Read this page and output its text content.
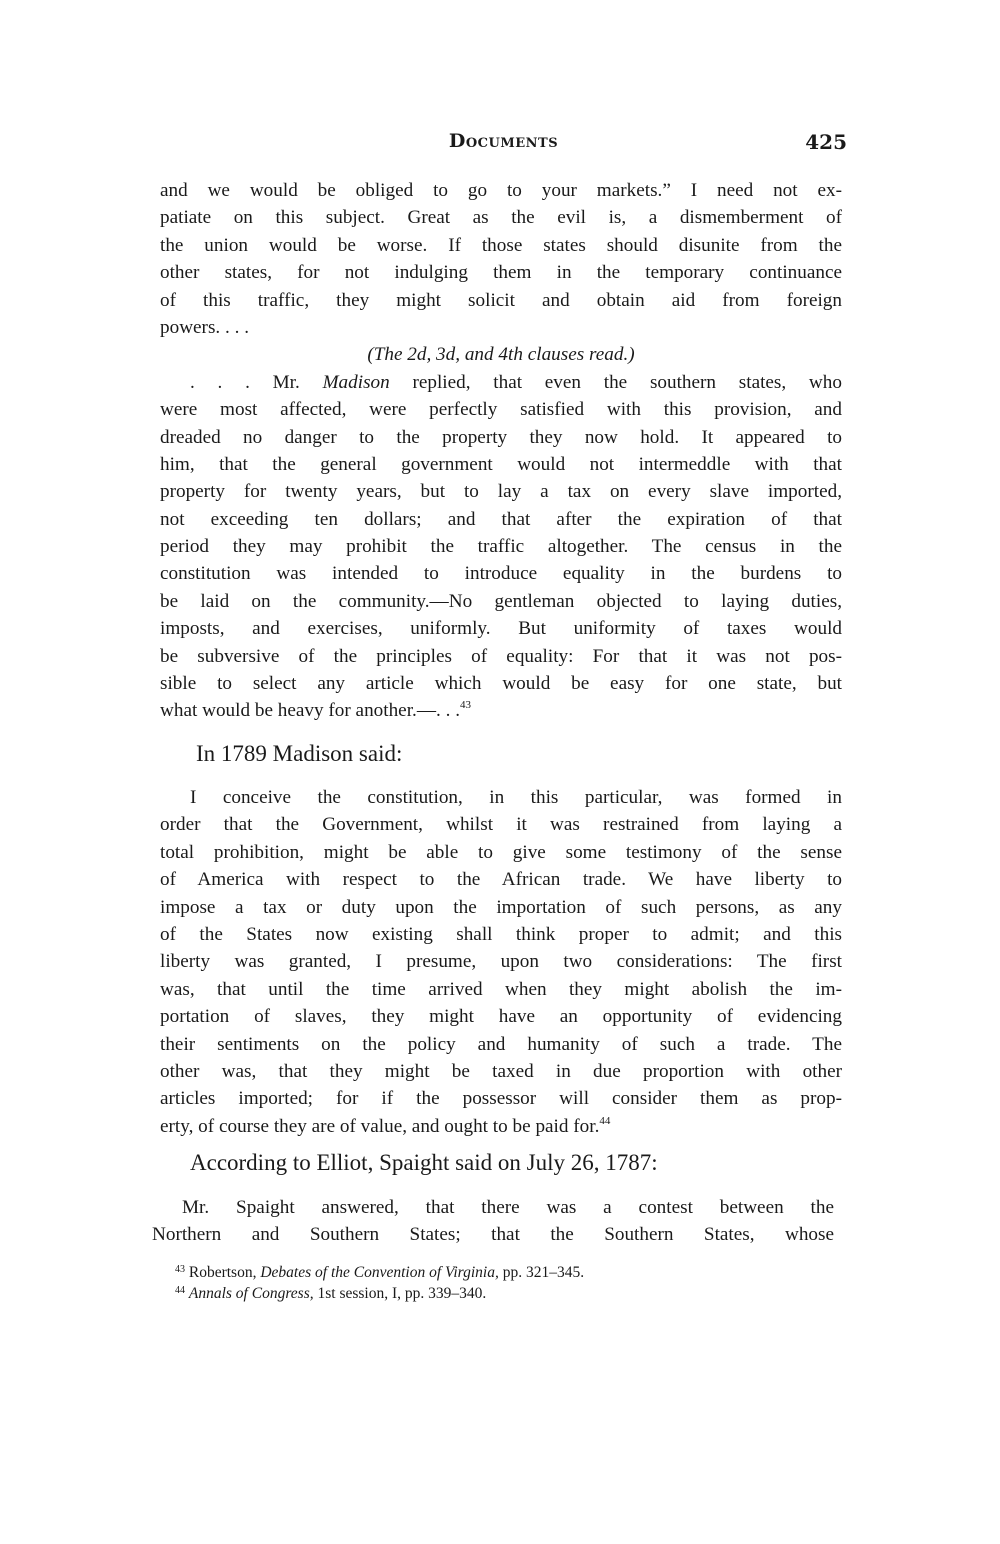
Documents	425
and we would be obliged to go to your markets.” I need not ex-
patiate on this subject. Great as the evil is, a dismemberment of
the union would be worse. If those states should disunite from the
other states, for not indulging them in the temporary continuance
of this traffic, they might solicit and obtain aid from foreign
powers. . . .
(The 2d, 3d, and 4th clauses read.)
. . . Mr. Madison replied, that even the southern states, who
were most affected, were perfectly satisfied with this provision, and
dreaded no danger to the property they now hold. It appeared to
him, that the general government would not intermeddle with that
property for twenty years, but to lay a tax on every slave imported,
not exceeding ten dollars; and that after the expiration of that
period they may prohibit the traffic altogether. The census in the
constitution was intended to introduce equality in the burdens to
be laid on the community.—No gentleman objected to laying duties,
imposts, and exercises, uniformly. But uniformity of taxes would
be subversive of the principles of equality: For that it was not pos-
sible to select any article which would be easy for one state, but
what would be heavy for another.—. . .$^{43}$
In 1789 Madison said:
I conceive the constitution, in this particular, was formed in
order that the Government, whilst it was restrained from laying a
total prohibition, might be able to give some testimony of the sense
of America with respect to the African trade. We have liberty to
impose a tax or duty upon the importation of such persons, as any
of the States now existing shall think proper to admit; and this
liberty was granted, I presume, upon two considerations: The first
was, that until the time arrived when they might abolish the im-
portation of slaves, they might have an opportunity of evidencing
their sentiments on the policy and humanity of such a trade. The
other was, that they might be taxed in due proportion with other
articles imported; for if the possessor will consider them as prop-
erty, of course they are of value, and ought to be paid for.$^{44}$
According to Elliot, Spaight said on July 26, 1787:
Mr. Spaight answered, that there was a contest between the
Northern and Southern States; that the Southern States, whose
$^{43}$ Robertson, Debates of the Convention of Virginia, pp. 321–345.
$^{44}$ Annals of Congress, 1st session, I, pp. 339–340.
